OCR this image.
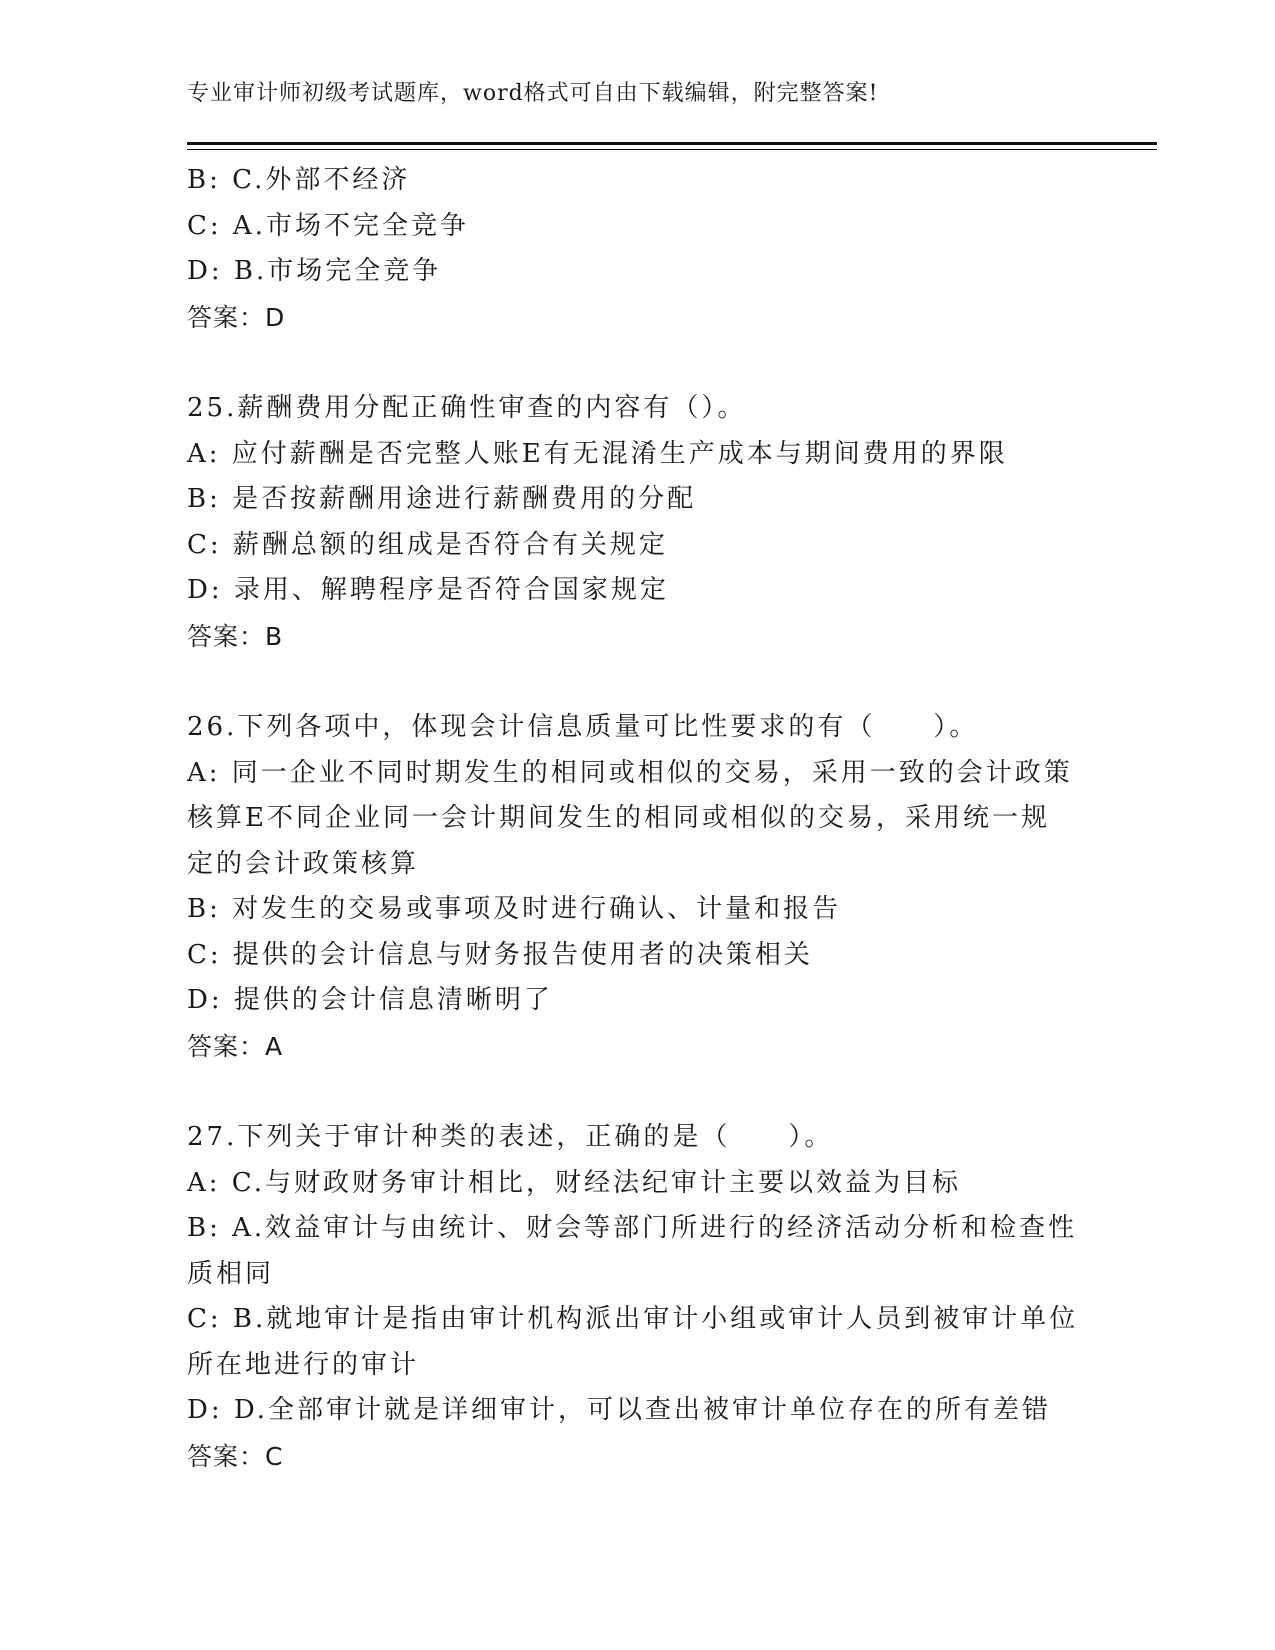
专业审计师初级考试题库，word格式可自由下载编辑，附完整答案!
B: C.外部不经济
C: A.市场不完全竞争
D: B.市场完全竞争
答案：D
25.薪酬费用分配正确性审查的内容有（）。
A: 应付薪酬是否完整人账E有无混淆生产成本与期间费用的界限
B: 是否按薪酬用途进行薪酬费用的分配
C: 薪酬总额的组成是否符合有关规定
D: 录用、解聘程序是否符合国家规定
答案：B
26.下列各项中，体现会计信息质量可比性要求的有（　　）。
A: 同一企业不同时期发生的相同或相似的交易，采用一致的会计政策
核算E不同企业同一会计期间发生的相同或相似的交易，采用统一规
定的会计政策核算
B: 对发生的交易或事项及时进行确认、计量和报告
C: 提供的会计信息与财务报告使用者的决策相关
D: 提供的会计信息清晰明了
答案：A
27.下列关于审计种类的表述，正确的是（　　）。
A: C.与财政财务审计相比，财经法纪审计主要以效益为目标
B: A.效益审计与由统计、财会等部门所进行的经济活动分析和检查性
质相同
C: B.就地审计是指由审计机构派出审计小组或审计人员到被审计单位
所在地进行的审计
D: D.全部审计就是详细审计，可以查出被审计单位存在的所有差错
答案：C
